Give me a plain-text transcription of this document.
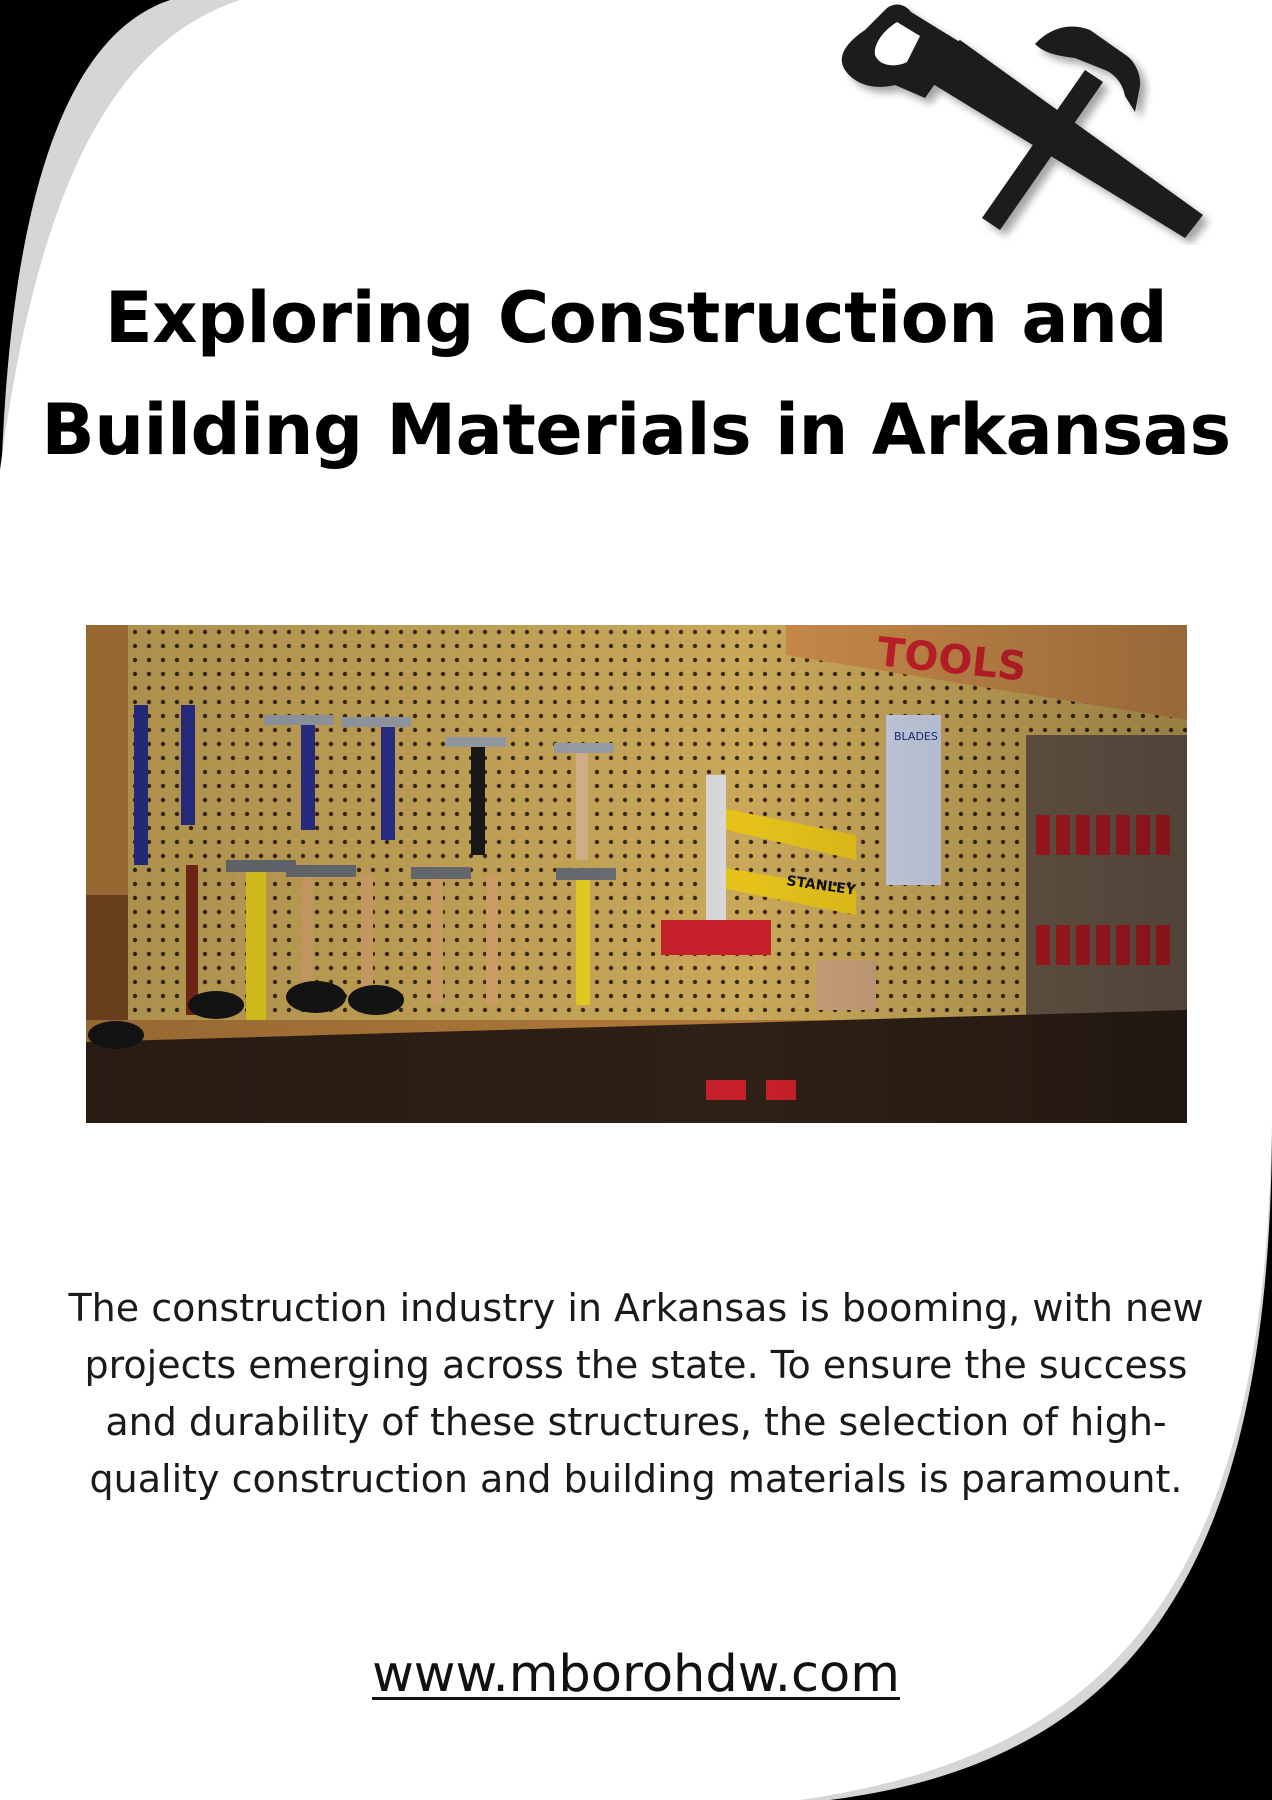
Exploring Construction and
Building Materials in Arkansas

The construction industry in Arkansas is booming, with new projects emerging across the state. To ensure the success and durability of these structures, the selection of high-quality construction and building materials is paramount.

www.mborohdw.com
